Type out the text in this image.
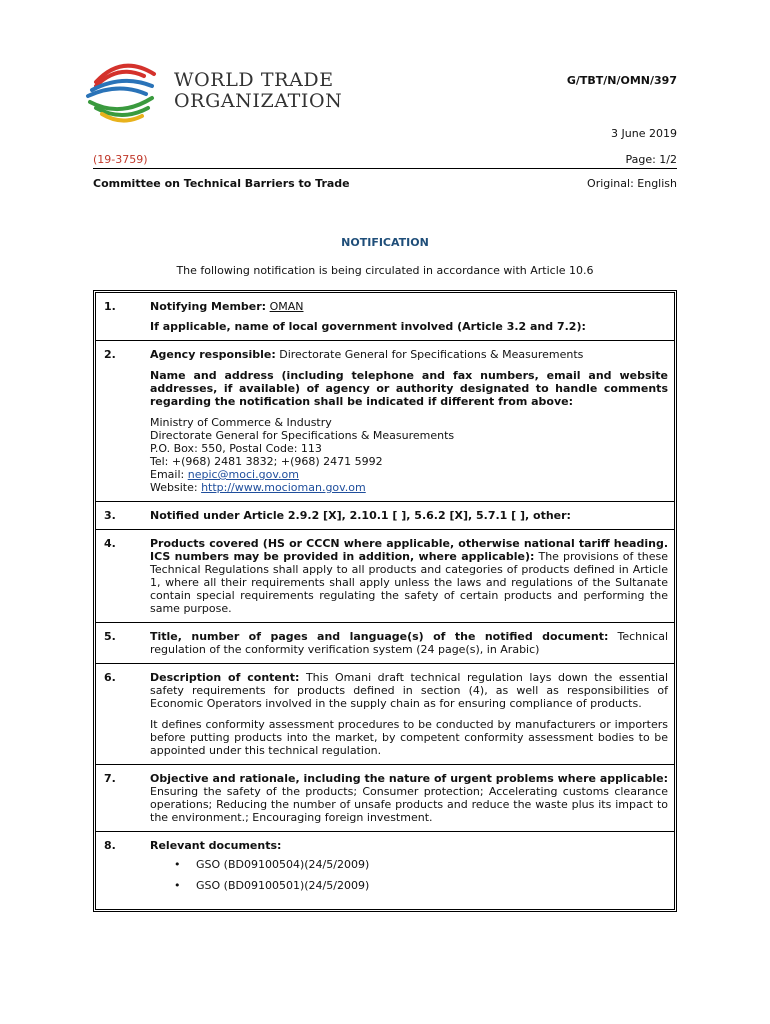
WORLD TRADE
ORGANIZATION
G/TBT/N/OMN/397
3 June 2019
(19-3759)	Page: 1/2
Committee on Technical Barriers to Trade	Original: English
NOTIFICATION
The following notification is being circulated in accordance with Article 10.6
1.	Notifying Member: OMAN

If applicable, name of local government involved (Article 3.2 and 7.2):

2.	Agency responsible: Directorate General for Specifications & Measurements

Name and address (including telephone and fax numbers, email and website addresses, if available) of agency or authority designated to handle comments regarding the notification shall be indicated if different from above:

Ministry of Commerce & Industry
Directorate General for Specifications & Measurements
P.O. Box: 550, Postal Code: 113
Tel: +(968) 2481 3832; +(968) 2471 5992
Email: nepic@moci.gov.om
Website: http://www.mocioman.gov.om
3.	Notified under Article 2.9.2 [X], 2.10.1 [ ], 5.6.2 [X], 5.7.1 [ ], other:

4.	Products covered (HS or CCCN where applicable, otherwise national tariff heading. ICS numbers may be provided in addition, where applicable): The provisions of these Technical Regulations shall apply to all products and categories of products defined in Article 1, where all their requirements shall apply unless the laws and regulations of the Sultanate contain special requirements regulating the safety of certain products and performing the same purpose.

5.	Title, number of pages and language(s) of the notified document: Technical regulation of the conformity verification system (24 page(s), in Arabic)

6.	Description of content: This Omani draft technical regulation lays down the essential safety requirements for products defined in section (4), as well as responsibilities of Economic Operators involved in the supply chain as for ensuring compliance of products.

It defines conformity assessment procedures to be conducted by manufacturers or importers before putting products into the market, by competent conformity assessment bodies to be appointed under this technical regulation.

7.	Objective and rationale, including the nature of urgent problems where applicable: Ensuring the safety of the products; Consumer protection; Accelerating customs clearance operations; Reducing the number of unsafe products and reduce the waste plus its impact to the environment.; Encouraging foreign investment.

8.	Relevant documents:

• GSO (BD09100504)(24/5/2009)
• GSO (BD09100501)(24/5/2009)
